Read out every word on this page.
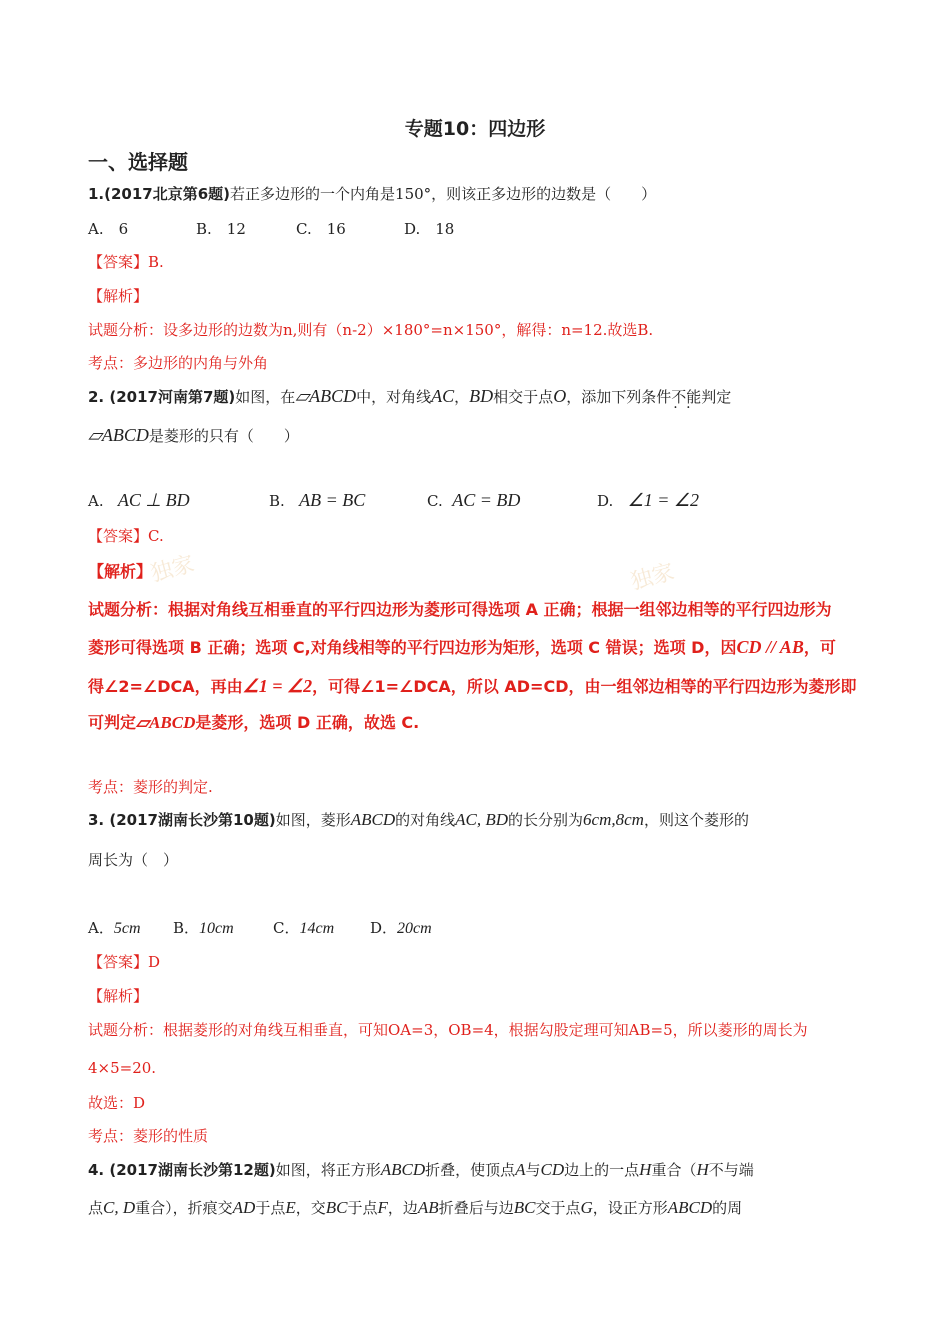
专题10：四边形
一、选择题
1.(2017北京第6题)若正多边形的一个内角是150°，则该正多边形的边数是（　　）
A.　6	B.　12	C.　16	D.　18
【答案】B.
【解析】
试题分析：设多边形的边数为n,则有（n-2）×180°=n×150°，解得：n=12.故选B.
考点：多边形的内角与外角
2. (2017河南第7题)如图，在▱ABCD中，对角线AC，BD相交于点O，添加下列条件不能 · ·判定
▱ABCD是菱形的只有（　　）
A. AC ⊥ BD	B. AB = BC	C. AC = BD	D. ∠1 = ∠2
【答案】C.
独家	独家
【解析】
试题分析：根据对角线互相垂直的平行四边形为菱形可得选项 A 正确；根据一组邻边相等的平行四边形为
菱形可得选项 B 正确；选项 C,对角线相等的平行四边形为矩形，选项 C 错误；选项 D，因CD // AB，可
得∠2=∠DCA，再由∠1 = ∠2，可得∠1=∠DCA，所以 AD=CD，由一组邻边相等的平行四边形为菱形即
可判定▱ABCD是菱形，选项 D 正确，故选 C.
考点：菱形的判定.
3. (2017湖南长沙第10题)如图，菱形ABCD的对角线AC, BD的长分别为6cm,8cm，则这个菱形的
周长为（　）
A．5cm B．10cm	C．14cm D．20cm
【答案】D
【解析】
试题分析：根据菱形的对角线互相垂直，可知OA=3，OB=4，根据勾股定理可知AB=5，所以菱形的周长为
4×5=20.
故选：D
考点：菱形的性质
4. (2017湖南长沙第12题)如图，将正方形ABCD折叠，使顶点A与CD边上的一点H重合（H不与端
点C, D重合），折痕交AD于点E，交BC于点F，边AB折叠后与边BC交于点G，设正方形ABCD的周
